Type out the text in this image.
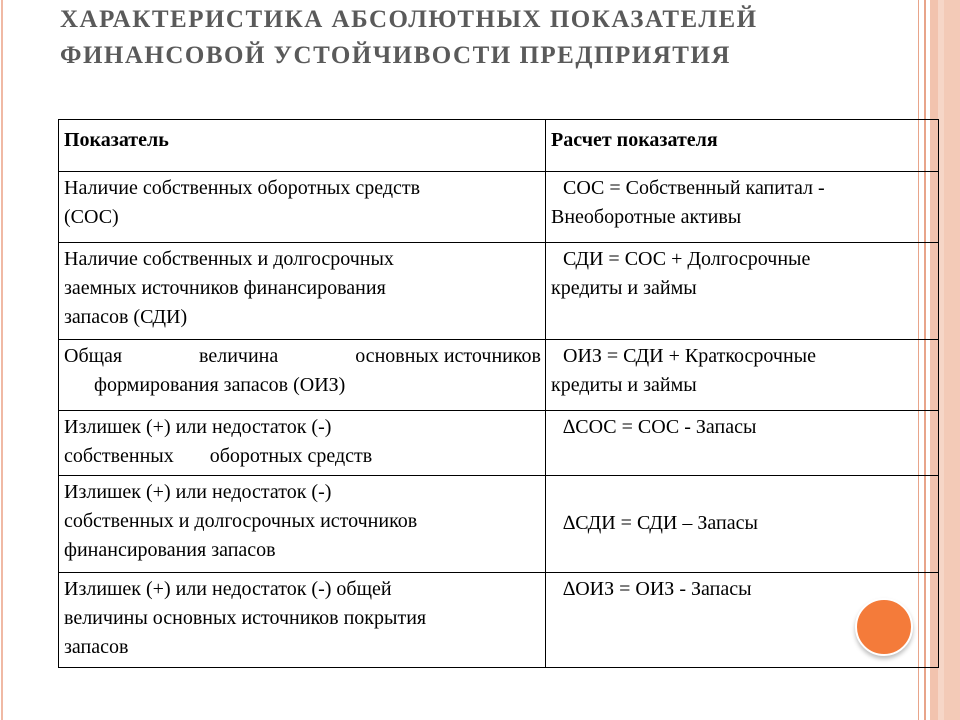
ХАРАКТЕРИСТИКА АБСОЛЮТНЫХ ПОКАЗАТЕЛЕЙ
ФИНАНСОВОЙ УСТОЙЧИВОСТИ ПРЕДПРИЯТИЯ
Показатель	Расчет показателя

Наличие собственных оборотных средств
(СОС)	СОС = Собственный капитал -
Внеоборотные активы

Наличие собственных и долгосрочных
заемных источников финансирования
запасов (СДИ)	СДИ = СОС + Долгосрочные
кредиты и займы

Общая величина основных источников
формирования запасов (ОИЗ)	ОИЗ = СДИ + Краткосрочные
кредиты и займы

Излишек (+) или недостаток (-)
собственных оборотных средств	∆СОС = СОС - Запасы

Излишек (+) или недостаток (-)
собственных и долгосрочных источников
финансирования запасов	∆СДИ = СДИ – Запасы

Излишек (+) или недостаток (-) общей
величины основных источников покрытия
запасов	∆ОИЗ = ОИЗ - Запасы
